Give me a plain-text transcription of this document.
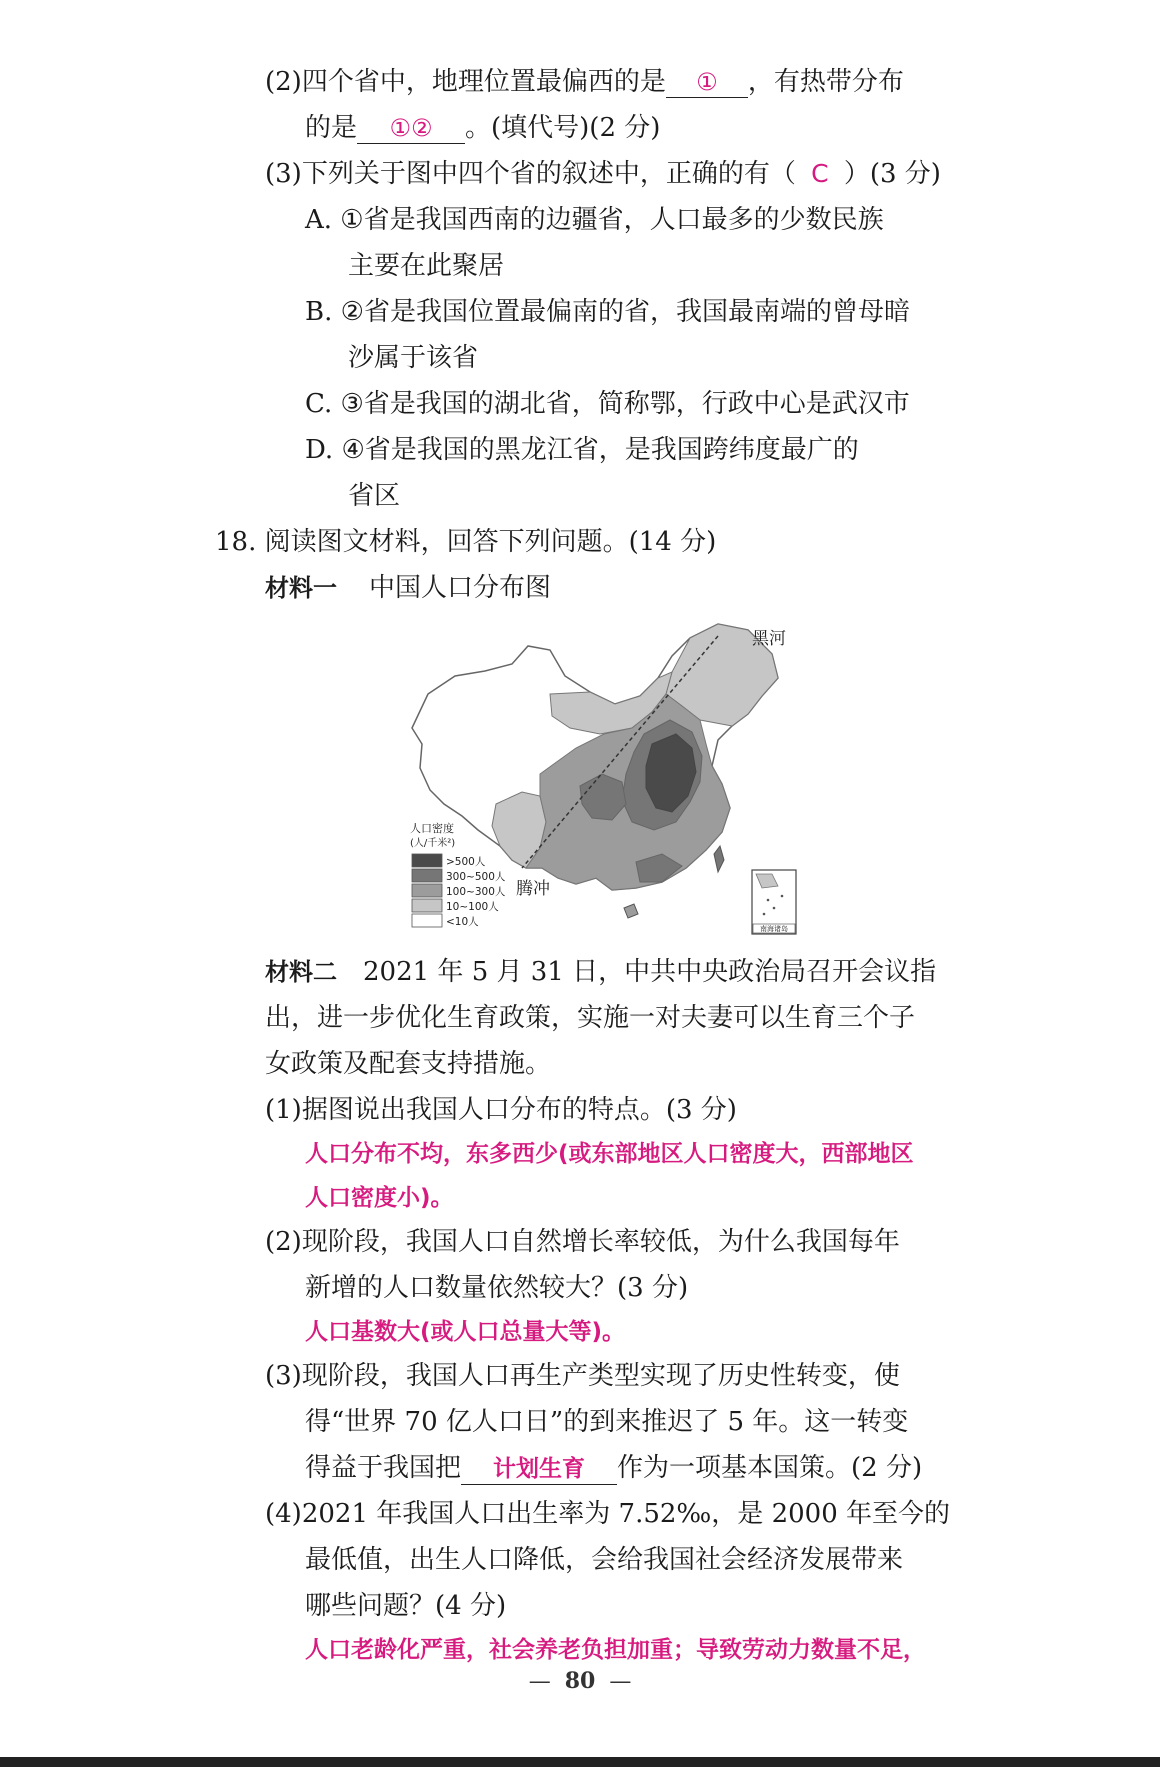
(2)四个省中，地理位置最偏西的是 ① ，有热带分布
的是 ①② 。(填代号)(2 分)
(3)下列关于图中四个省的叙述中，正确的有（ C ）(3 分)
A. ①省是我国西南的边疆省，人口最多的少数民族
主要在此聚居
B. ②省是我国位置最偏南的省，我国最南端的曾母暗
沙属于该省
C. ③省是我国的湖北省，简称鄂，行政中心是武汉市
D. ④省是我国的黑龙江省，是我国跨纬度最广的
省区
18. 阅读图文材料，回答下列问题。(14 分)
材料一 中国人口分布图
黑河
腾冲
人口密度
(人/千米²)
>500人
300~500人
100~300人
10~100人
<10人
南海诸岛
材料二 2021 年 5 月 31 日，中共中央政治局召开会议指
出，进一步优化生育政策，实施一对夫妻可以生育三个子
女政策及配套支持措施。
(1)据图说出我国人口分布的特点。(3 分)
人口分布不均，东多西少(或东部地区人口密度大，西部地区
人口密度小)。
(2)现阶段，我国人口自然增长率较低，为什么我国每年
新增的人口数量依然较大？(3 分)
人口基数大(或人口总量大等)。
(3)现阶段，我国人口再生产类型实现了历史性转变，使
得“世界 70 亿人口日”的到来推迟了 5 年。这一转变
得益于我国把 计划生育 作为一项基本国策。(2 分)
(4)2021 年我国人口出生率为 7.52‰，是 2000 年至今的
最低值，出生人口降低，会给我国社会经济发展带来
哪些问题？(4 分)
人口老龄化严重，社会养老负担加重；导致劳动力数量不足，
— 80 —
